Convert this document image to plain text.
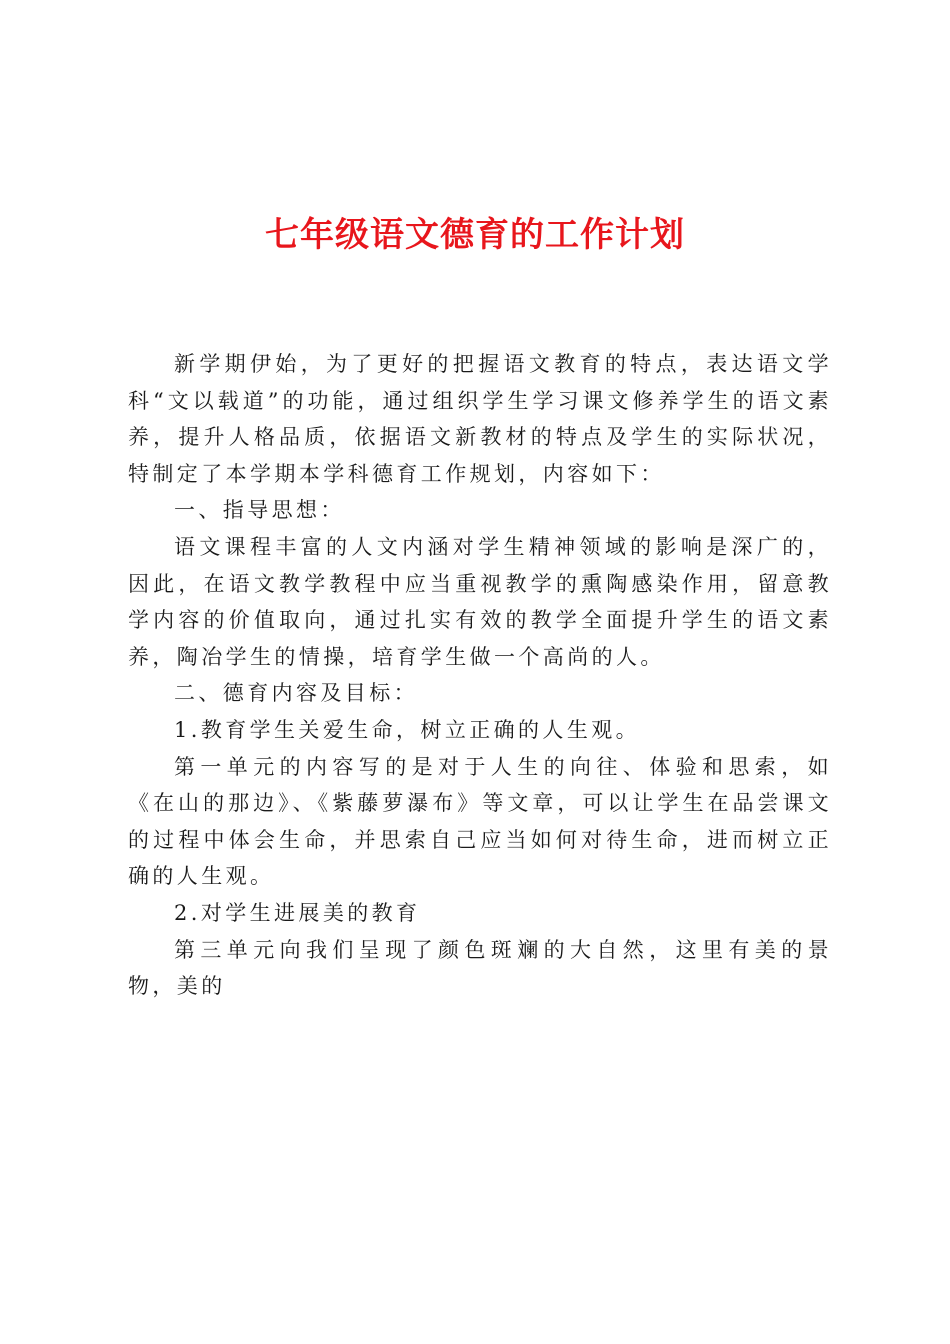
七年级语文德育的工作计划

新学期伊始，为了更好的把握语文教育的特点，表达语文学科“文以载道”的功能，通过组织学生学习课文修养学生的语文素养，提升人格品质，依据语文新教材的特点及学生的实际状况，特制定了本学期本学科德育工作规划，内容如下：

一、指导思想：

语文课程丰富的人文内涵对学生精神领域的影响是深广的，因此，在语文教学教程中应当重视教学的熏陶感染作用，留意教学内容的价值取向，通过扎实有效的教学全面提升学生的语文素养，陶冶学生的情操，培育学生做一个高尚的人。

二、德育内容及目标：

1.教育学生关爱生命，树立正确的人生观。

第一单元的内容写的是对于人生的向往、体验和思索，如《在山的那边》、《紫藤萝瀑布》等文章，可以让学生在品尝课文的过程中体会生命，并思索自己应当如何对待生命，进而树立正确的人生观。

2.对学生进展美的教育

第三单元向我们呈现了颜色斑斓的大自然，这里有美的景物，美的
